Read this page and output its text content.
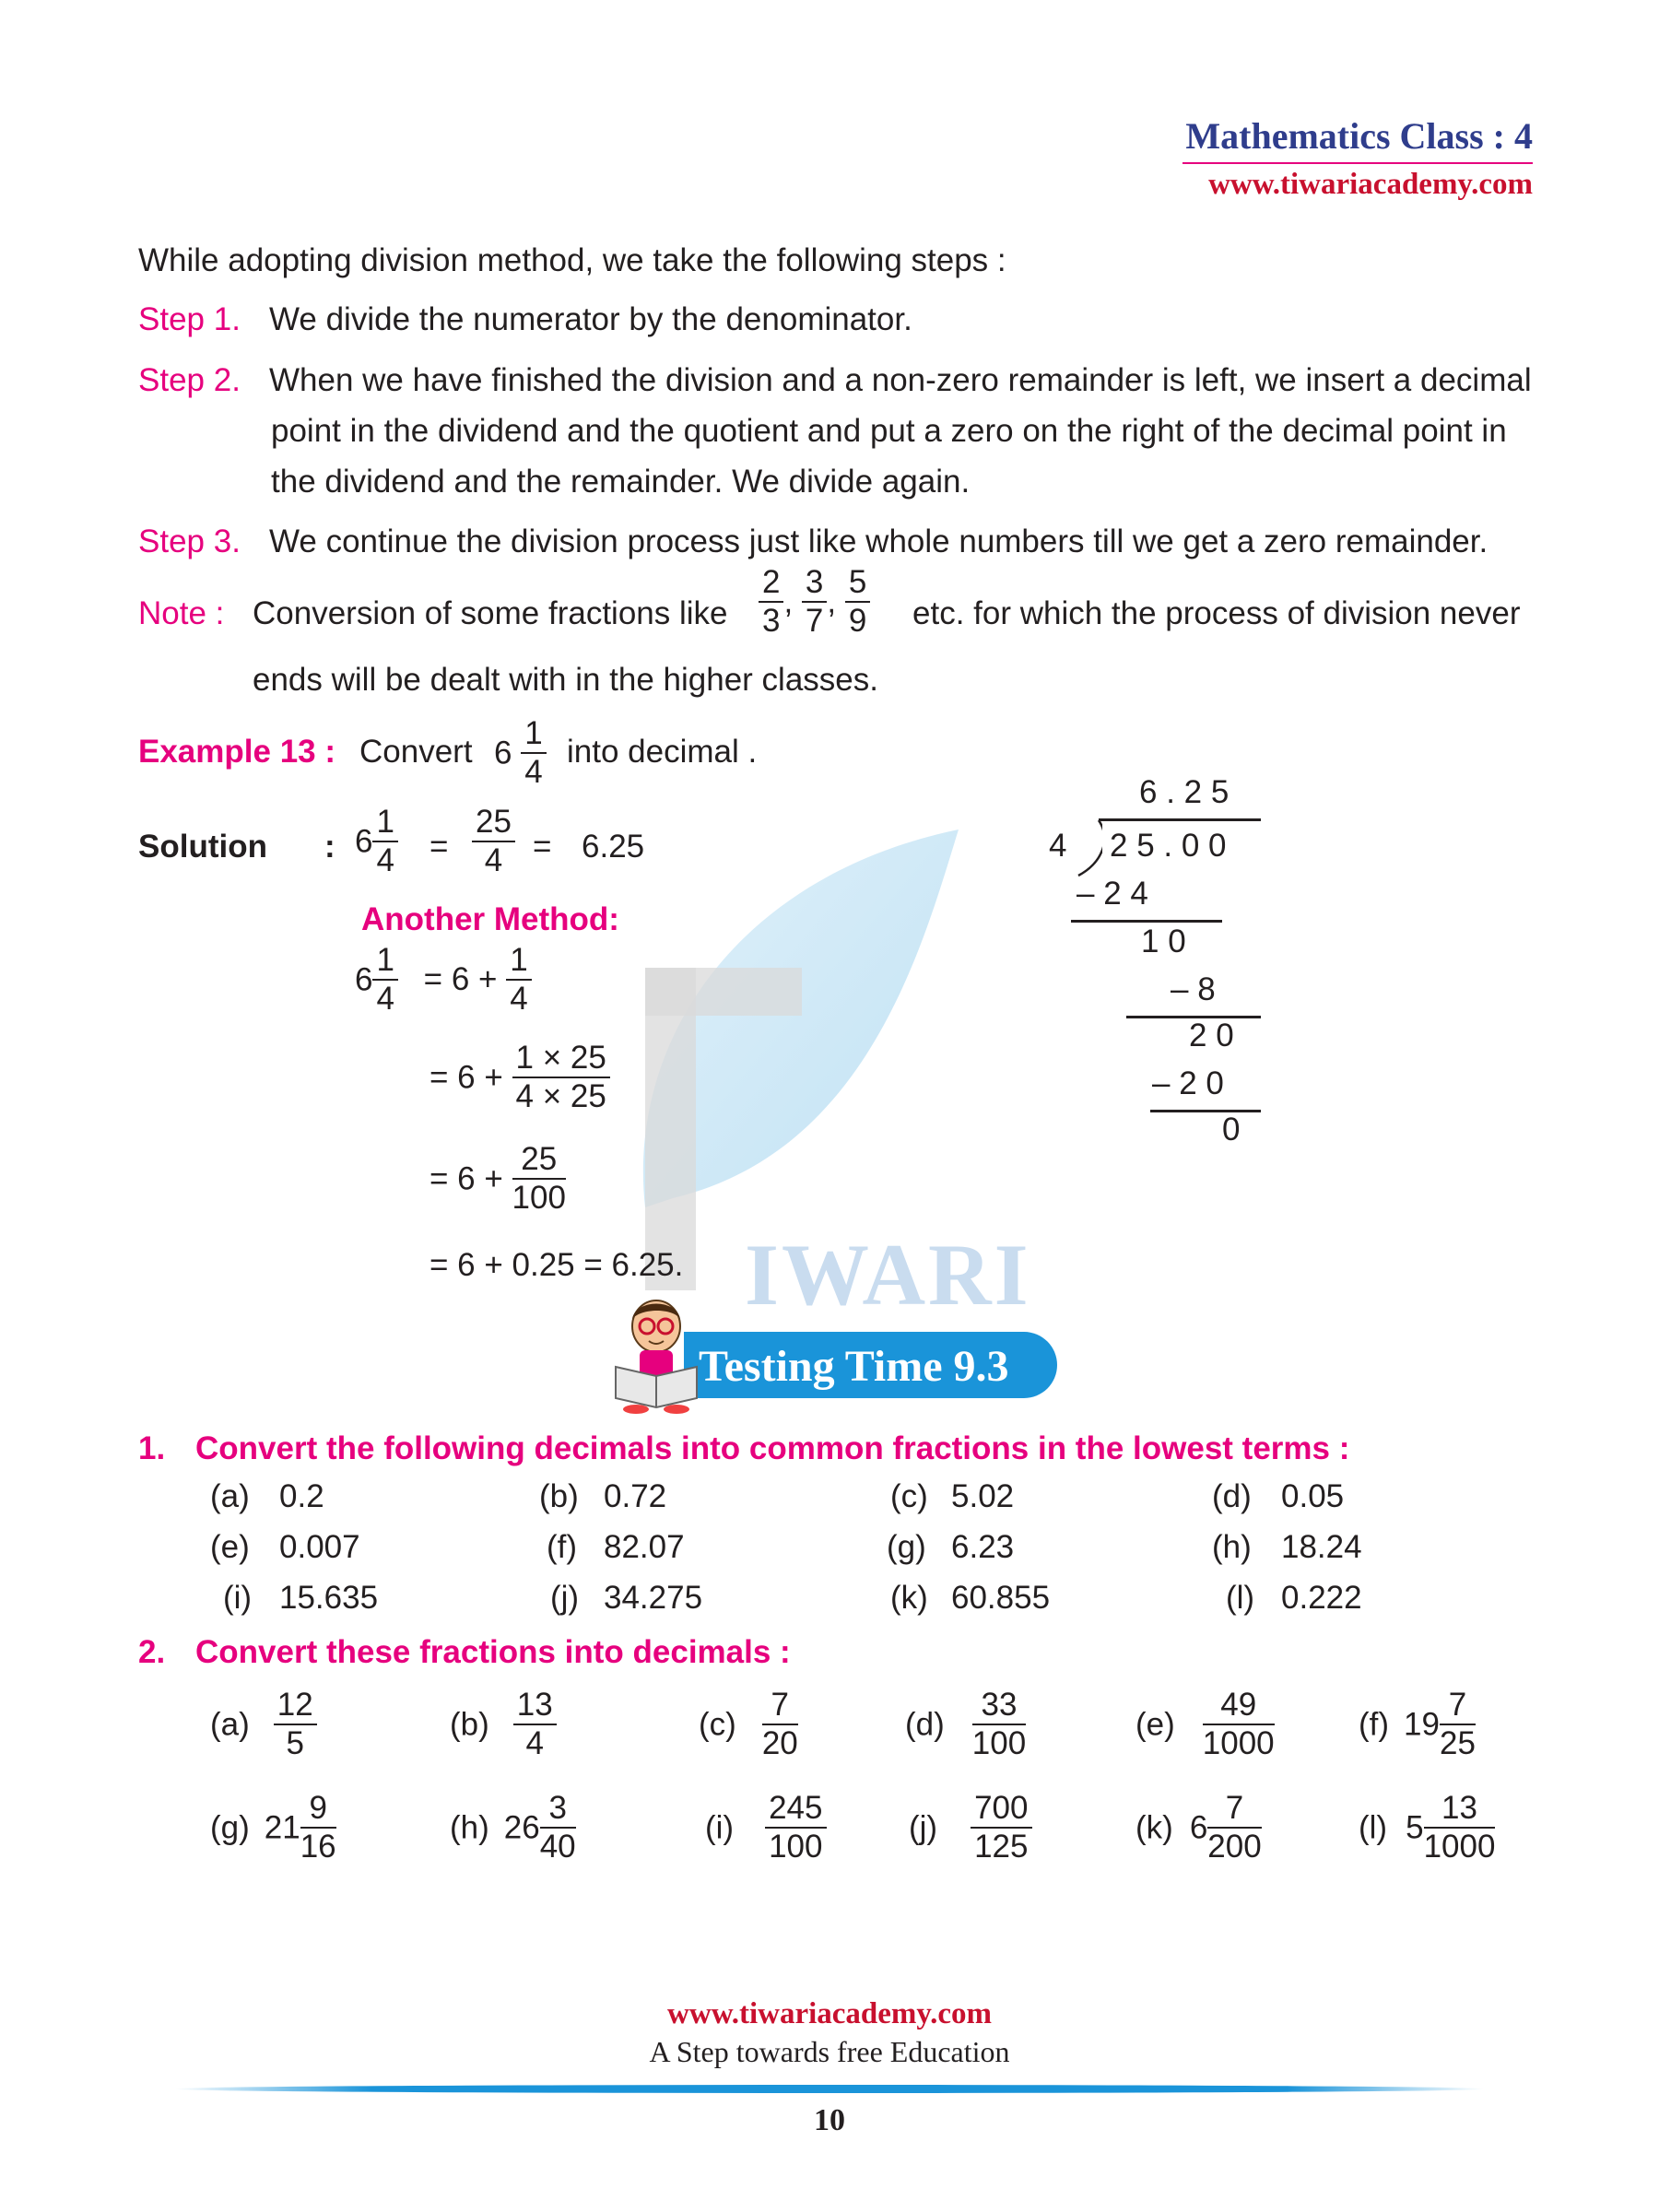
Mathematics Class : 4
www.tiwariacademy.com
IWARI
While adopting division method, we take the following steps :
Step 1. We divide the numerator by the denominator.
Step 2. When we have finished the division and a non-zero remainder is left, we insert a decimal
point in the dividend and the quotient and put a zero on the right of the decimal point in
the dividend and the remainder. We divide again.
Step 3. We continue the division process just like whole numbers till we get a zero remainder.
Note : Conversion of some fractions like $\frac{2}{3}$ , $\frac{3}{7}$ , $\frac{5}{9}$ etc. for which the process of division never
ends will be dealt with in the higher classes.
Example 13 : Convert $6 \frac{1}{4}$ into decimal .
Solution : $6 \frac{1}{4} = \frac{25}{4} = 6.25$
Another Method:
$6 \frac{1}{4} = 6 + \frac{1}{4}$
= $6 + \frac{1 \times 25}{4 \times 25}$
= $6 + \frac{25}{100}$
= 6 + 0.25 = 6.25.
6 . 2 5
4 2 5 . 0 0
– 2 4
1 0
– 8
2 0
– 2 0
0
Testing Time 9.3
1. Convert the following decimals into common fractions in the lowest terms :
(a) 0.2	(b) 0.72	(c) 5.02	(d) 0.05
(e) 0.007	(f) 82.07	(g) 6.23	(h) 18.24
(i) 15.635	(j) 34.275	(k) 60.855	(l) 0.222
2. Convert these fractions into decimals :
$(a) \frac{12}{5}$	$(b) \frac{13}{4}$	$(c) \frac{7}{20}$	$(d) \frac{33}{100}$	$(e) \frac{49}{1000}$	(f) $19 \frac{7}{25}$
(g) $21 \frac{9}{16}$	(h) $26 \frac{3}{40}$	$(i) \frac{245}{100}$	$(j) \frac{700}{125}$	(k) $6 \frac{7}{200}$	(l) $5 \frac{13}{1000}$
www.tiwariacademy.com
A Step towards free Education
10
